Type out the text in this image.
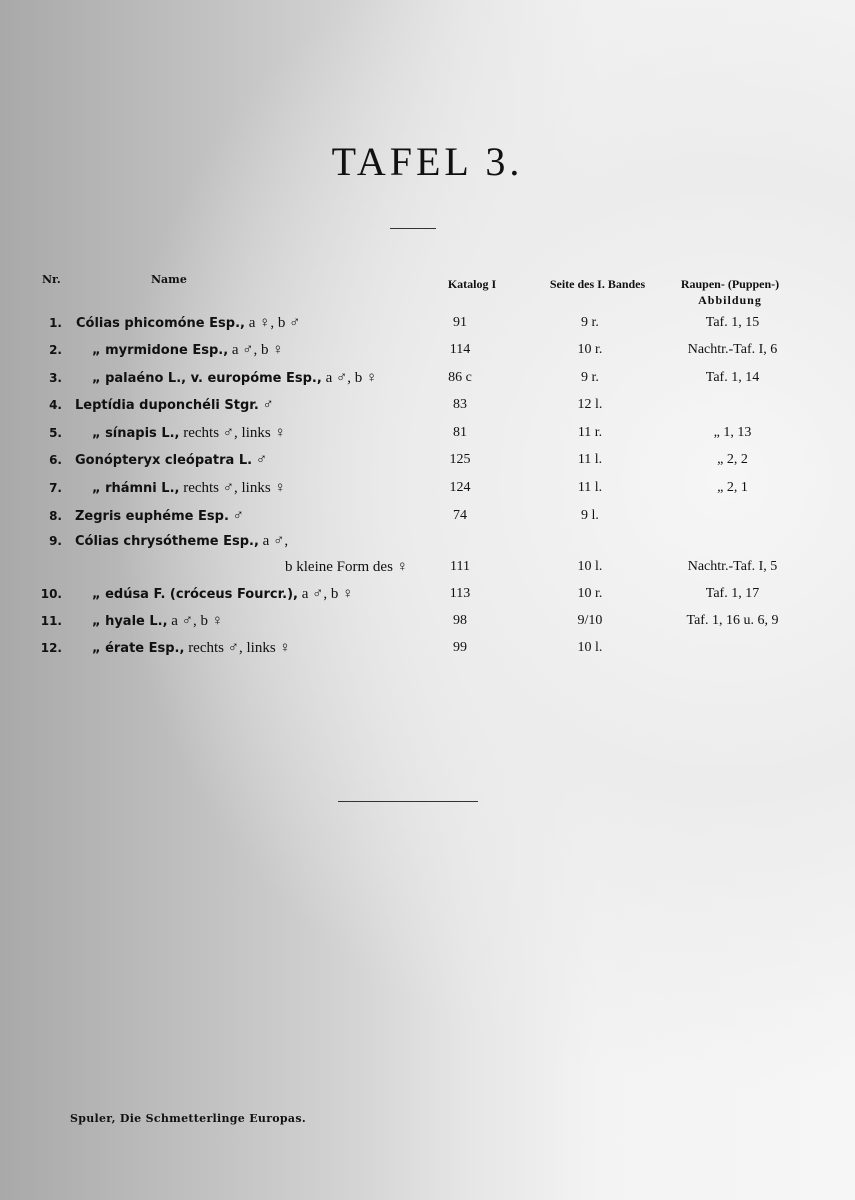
TAFEL 3.
Nr.	Name	Katalog I	Seite des I. Bandes	Raupen- (Puppen-)
Abbildung
1. Cólias phicomóne Esp., a ♀, b ♂	91	9 r.	Taf. 1, 15
2. „ myrmidone Esp., a ♂, b ♀	114	10 r.	Nachtr.-Taf. I, 6
3. „ palaéno L., v. europóme Esp., a ♂, b ♀	86 c	9 r.	Taf. 1, 14
4. Leptídia duponchéli Stgr. ♂	83	12 l.
5. „ sínapis L., rechts ♂, links ♀	81	11 r.	„ 1, 13
6. Gonópteryx cleópatra L. ♂	125	11 l.	„ 2, 2
7. „ rhámni L., rechts ♂, links ♀	124	11 l.	„ 2, 1
8. Zegris euphéme Esp. ♂	74	9 l.
9. Cólias chrysótheme Esp., a ♂,
b kleine Form des ♀	111	10 l.	Nachtr.-Taf. I, 5
10. „ edúsa F. (cróceus Fourcr.), a ♂, b ♀	113	10 r.	Taf. 1, 17
11. „ hyale L., a ♂, b ♀	98	9/10	Taf. 1, 16 u. 6, 9
12. „ érate Esp., rechts ♂, links ♀	99	10 l.
Spuler, Die Schmetterlinge Europas.
